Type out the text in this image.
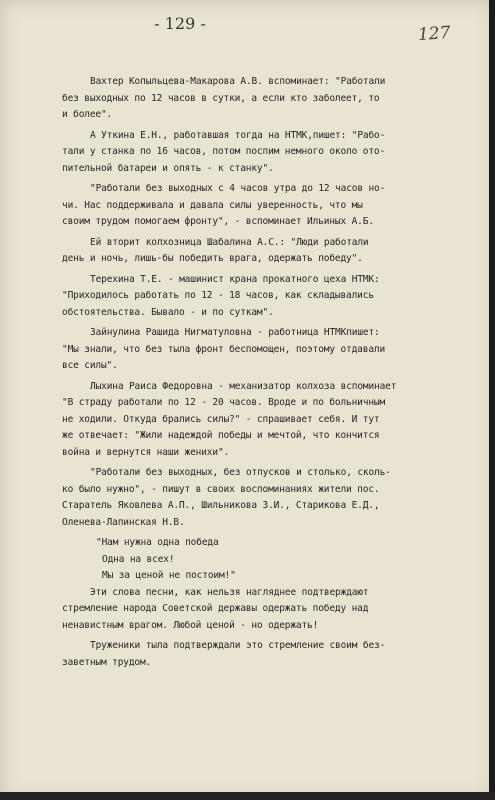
- 129 -	127
Вахтер Копыльцева-Макарова А.В. вспоминает: "Работали
без выходных по 12 часов в сутки, а если кто заболеет, то
и более".
А Уткина Е.Н., работавшая тогда на НТМК,пишет: "Рабо-
тали у станка по 16 часов, потом поспим немного около ото-
пительной батареи и опять - к станку".
"Работали без выходных с 4 часов утра до 12 часов но-
чи. Нас поддерживала и давала силы уверенность, что мы
своим трудом помогаем фронту", - вспоминает Ильиных А.Б.
Ей вторит колхозница Шабалина А.С.: "Люди работали
день и ночь, лишь-бы победить врага, одержать победу".
Терехина Т.Е. - машинист крана прокатного цеха НТМК:
"Приходилось работать по 12 - 18 часов, как складывались
обстоятельства. Бывало - и по суткам".
Зайнулина Рашида Нигматуловна - работница НТМКпишет:
"Мы знали, что без тыла фронт беспомощен, поэтому отдавали
все силы".
Лыхина Раиса Федоровна - механизатор колхоза вспоминает
"В страду работали по 12 - 20 часов. Вроде и по больничным
не ходили. Откуда брались силы?" - спрашивает себя. И тут
же отвечает: "Жили надеждой победы и мечтой, что кончится
война и вернутся наши женихи".
"Работали без выходных, без отпусков и столько, сколь-
ко было нужно", - пишут в своих воспоминаниях жители пос.
Старатель Яковлева А.П., Шильникова З.И., Старикова Е.Д.,
Оленева-Лапинская Н.В.
"Нам нужна одна победа
Одна на всех!
Мы за ценой не постоим!"
Эти слова песни, как нельзя нагляднее подтверждают
стремление народа Советской державы одержать победу над
ненавистным врагом. Любой ценой - но одержать!
Труженики тыла подтверждали это стремление своим без-
заветным трудом.
